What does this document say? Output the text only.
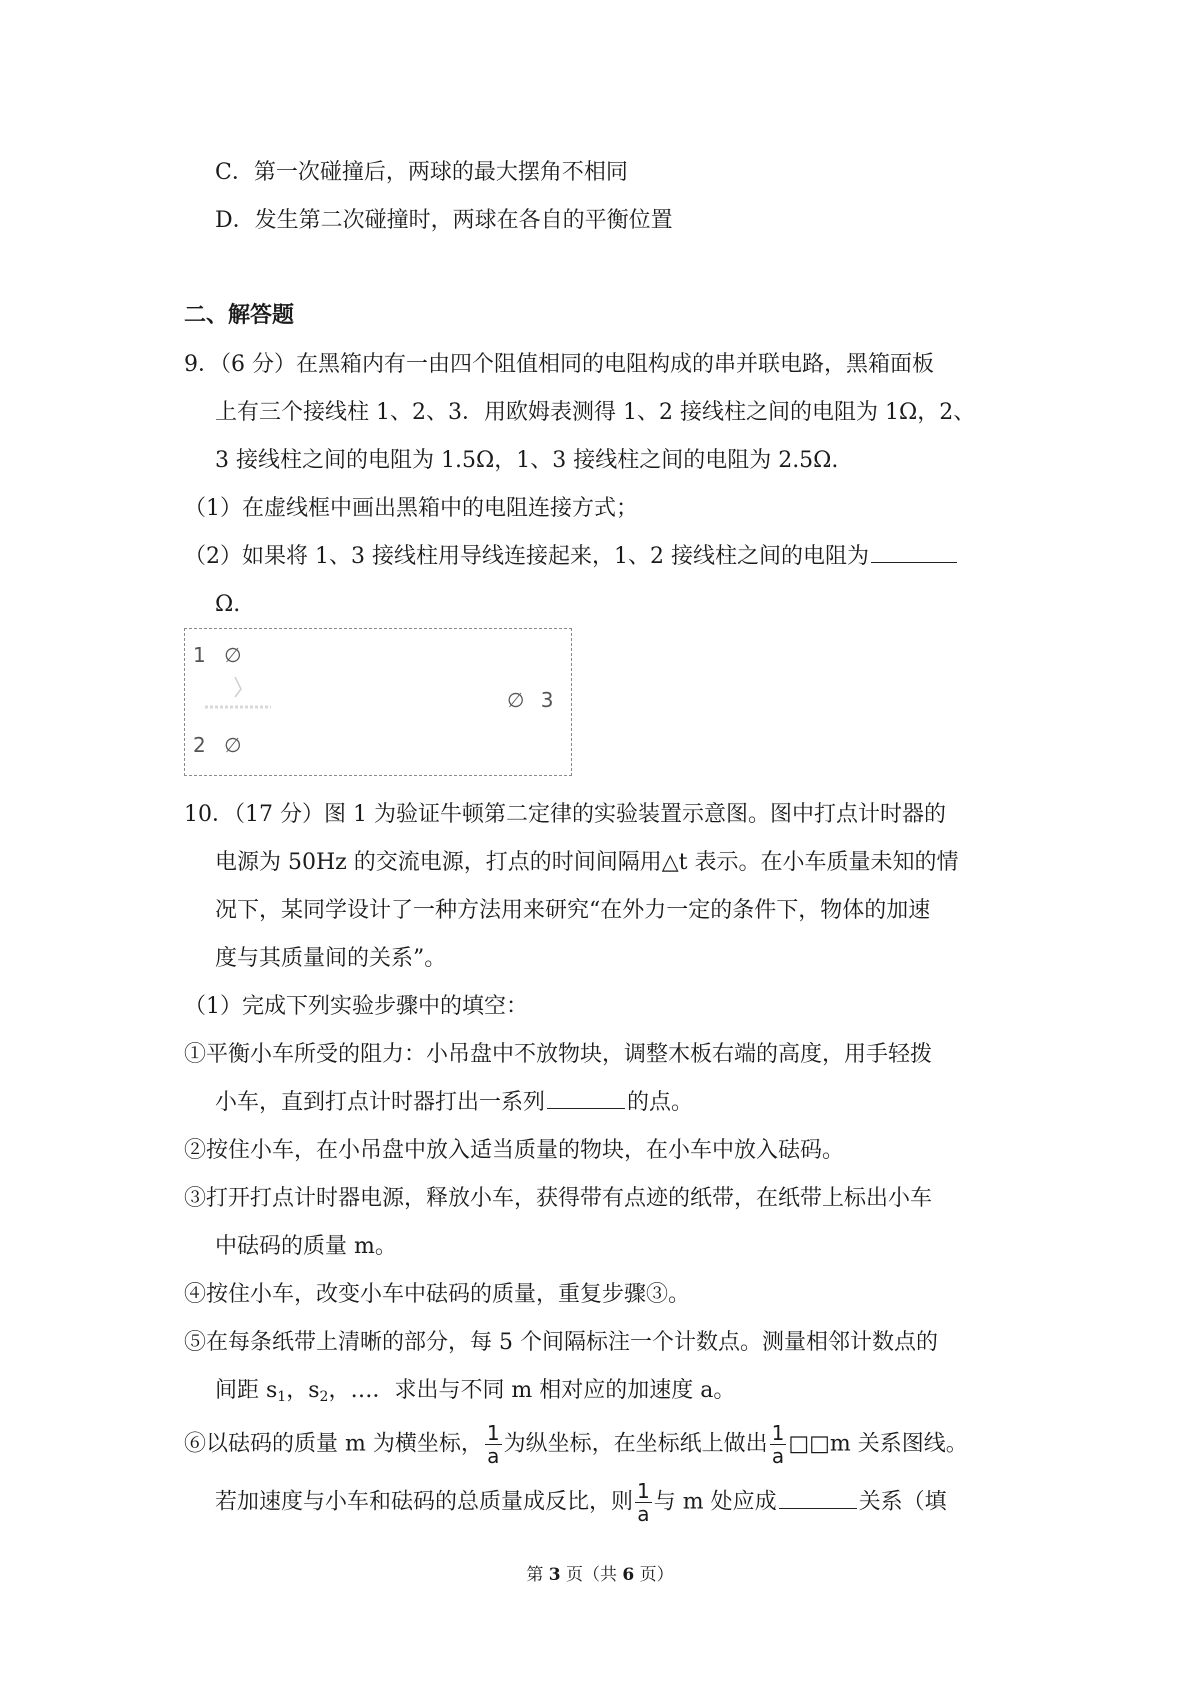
C．第一次碰撞后，两球的最大摆角不相同
D．发生第二次碰撞时，两球在各自的平衡位置
二、解答题
9．（6 分）在黑箱内有一由四个阻值相同的电阻构成的串并联电路，黑箱面板
上有三个接线柱 1、2、3．用欧姆表测得 1、2 接线柱之间的电阻为 1Ω，2、
3 接线柱之间的电阻为 1.5Ω，1、3 接线柱之间的电阻为 2.5Ω.
（1）在虚线框中画出黑箱中的电阻连接方式；
（2）如果将 1、3 接线柱用导线连接起来，1、2 接线柱之间的电阻为
Ω.
1 ∅
2 ∅
∅ 3
10．（17 分）图 1 为验证牛顿第二定律的实验装置示意图。图中打点计时器的
电源为 50Hz 的交流电源，打点的时间间隔用△t 表示。在小车质量未知的情
况下，某同学设计了一种方法用来研究“在外力一定的条件下，物体的加速
度与其质量间的关系”。
（1）完成下列实验步骤中的填空：
①平衡小车所受的阻力：小吊盘中不放物块，调整木板右端的高度，用手轻拨
小车，直到打点计时器打出一系列	的点。
②按住小车，在小吊盘中放入适当质量的物块，在小车中放入砝码。
③打开打点计时器电源，释放小车，获得带有点迹的纸带，在纸带上标出小车
中砝码的质量 m。
④按住小车，改变小车中砝码的质量，重复步骤③。
⑤在每条纸带上清晰的部分，每 5 个间隔标注一个计数点。测量相邻计数点的
间距 $s_1$，$s_2$，…．求出与不同 m 相对应的加速度 a。
⑥以砝码的质量 m 为横坐标， $\frac{1}{a}$ 为纵坐标，在坐标纸上做出 $\frac{1}{a}$ □□m 关系图线。
若加速度与小车和砝码的总质量成反比，则 $\frac{1}{a}$ 与 m 处应成	关系（填
第 3 页（共 6 页）
